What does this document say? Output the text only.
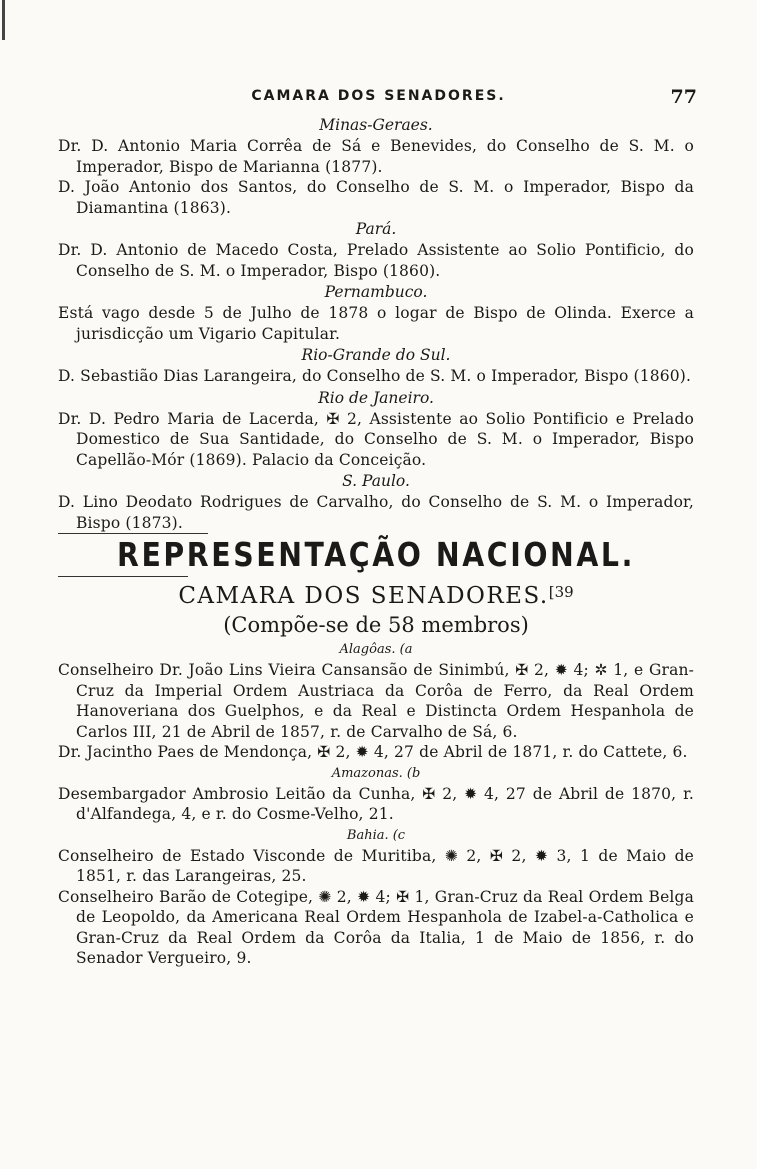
CAMARA DOS SENADORES.	77
Minas-Geraes.

Dr. D. Antonio Maria Corrêa de Sá e Benevides, do Conselho de S. M. o Imperador, Bispo de Marianna (1877).

D. João Antonio dos Santos, do Conselho de S. M. o Imperador, Bispo da Diamantina (1863).

Pará.

Dr. D. Antonio de Macedo Costa, Prelado Assistente ao Solio Pontificio, do Conselho de S. M. o Imperador, Bispo (1860).

Pernambuco.

Está vago desde 5 de Julho de 1878 o logar de Bispo de Olinda. Exerce a jurisdicção um Vigario Capitular.

Rio-Grande do Sul.

D. Sebastião Dias Larangeira, do Conselho de S. M. o Imperador, Bispo (1860).

Rio de Janeiro.

Dr. D. Pedro Maria de Lacerda, ✠ 2, Assistente ao Solio Pontificio e Prelado Domestico de Sua Santidade, do Conselho de S. M. o Imperador, Bispo Capellão-Mór (1869). Palacio da Conceição.

S. Paulo.

D. Lino Deodato Rodrigues de Carvalho, do Conselho de S. M. o Imperador, Bispo (1873).

REPRESENTAÇÃO NACIONAL.
CAMARA DOS SENADORES.$^{[39}$
(Compõe-se de 58 membros)
Alagôas. (a

Conselheiro Dr. João Lins Vieira Cansansão de Sinimbú, ✠ 2, ✹ 4; ✲ 1, e Gran-Cruz da Imperial Ordem Austriaca da Corôa de Ferro, da Real Ordem Hanoveriana dos Guelphos, e da Real e Distincta Ordem Hespanhola de Carlos III, 21 de Abril de 1857, r. de Carvalho de Sá, 6.

Dr. Jacintho Paes de Mendonça, ✠ 2, ✹ 4, 27 de Abril de 1871, r. do Cattete, 6.

Amazonas. (b

Desembargador Ambrosio Leitão da Cunha, ✠ 2, ✹ 4, 27 de Abril de 1870, r. d'Alfandega, 4, e r. do Cosme-Velho, 21.

Bahia. (c

Conselheiro de Estado Visconde de Muritiba, ✺ 2, ✠ 2, ✹ 3, 1 de Maio de 1851, r. das Larangeiras, 25.

Conselheiro Barão de Cotegipe, ✺ 2, ✹ 4; ✠ 1, Gran-Cruz da Real Ordem Belga de Leopoldo, da Americana Real Ordem Hespanhola de Izabel-a-Catholica e Gran-Cruz da Real Ordem da Corôa da Italia, 1 de Maio de 1856, r. do Senador Vergueiro, 9.
